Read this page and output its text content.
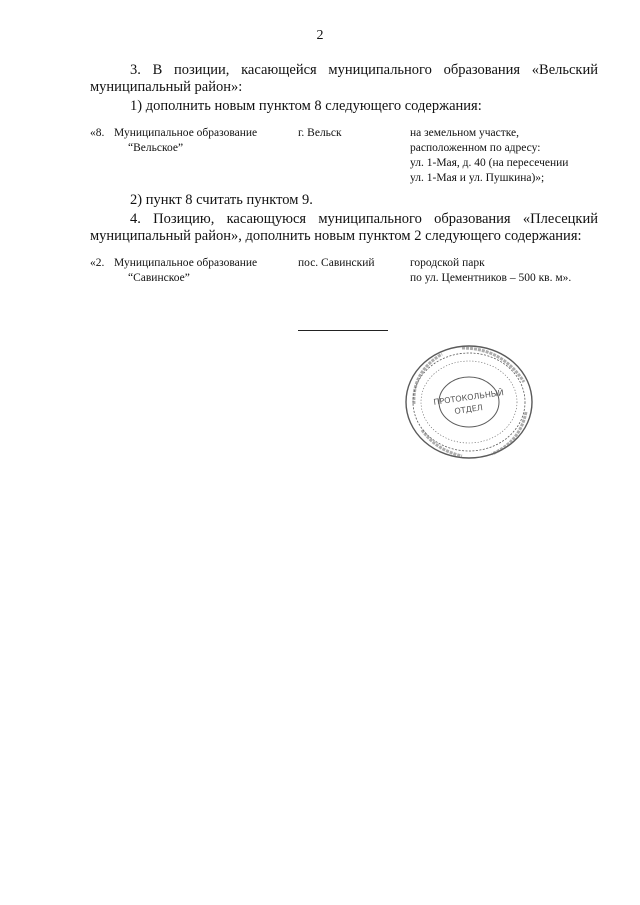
2
3. В позиции, касающейся муниципального образования «Вельский муниципальный район»:
1) дополнить новым пунктом 8 следующего содержания:
«8. Муниципальное образование
“Вельское”
г. Вельск	на земельном участке,
расположенном по адресу:
ул. 1-Мая, д. 40 (на пересечении
ул. 1-Мая и ул. Пушкина)»;
2) пункт 8 считать пунктом 9.
4. Позицию, касающуюся муниципального образования «Плесецкий муниципальный район», дополнить новым пунктом 2 следующего содержания:
«2. Муниципальное образование
“Савинское”
пос. Савинский	городской парк
по ул. Цементников – 500 кв. м».
ПРОТОКОЛЬНЫЙ
ОТДЕЛ
